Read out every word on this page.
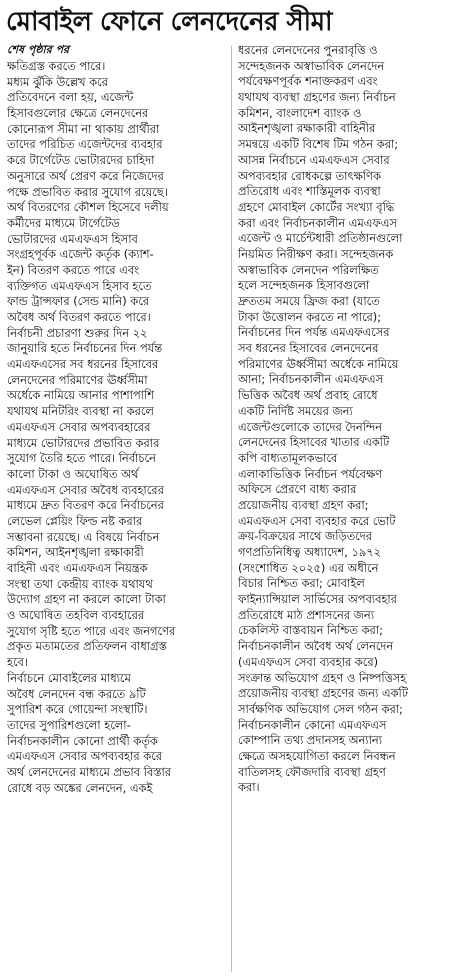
মোবাইল ফোনে লেনদেনের সীমা
শেষ পৃষ্ঠার পর
ক্ষতিগ্রস্ত করতে পারে।
মধ্যম ঝুঁকি উল্লেখ করে
প্রতিবেদনে বলা হয়, এজেন্ট
হিসাবগুলোর ক্ষেত্রে লেনদেনের
কোনোরূপ সীমা না থাকায় প্রার্থীরা
তাদের পরিচিত এজেন্টদের ব্যবহার
করে টার্গেটেড ভোটারদের চাহিদা
অনুসারে অর্থ প্রেরণ করে নিজেদের
পক্ষে প্রভাবিত করার সুযোগ রয়েছে।
অর্থ বিতরণের কৌশল হিসেবে দলীয়
কর্মীদের মাধ্যমে টার্গেটেড
ভোটারদের এমএফএস হিসাব
সংগ্রহপূর্বক এজেন্ট কর্তৃক (ক্যাশ-
ইন) বিতরণ করতে পারে এবং
ব্যক্তিগত এমএফএস হিসাব হতে
ফান্ড ট্রান্সফার (সেন্ড মানি) করে
অবৈধ অর্থ বিতরণ করতে পারে।
নির্বাচনী প্রচারণা শুরুর দিন ২২
জানুয়ারি হতে নির্বাচনের দিন পর্যন্ত
এমএফএসের সব ধরনের হিসাবের
লেনদেনের পরিমাণের ঊর্ধ্বসীমা
অর্ধেকে নামিয়ে আনার পাশাপাশি
যথাযথ মনিটরিং ব্যবস্থা না করলে
এমএফএস সেবার অপব্যবহারের
মাধ্যমে ভোটারদের প্রভাবিত করার
সুযোগ তৈরি হতে পারে। নির্বাচনে
কালো টাকা ও অঘোষিত অর্থ
এমএফএস সেবার অবৈধ ব্যবহারের
মাধ্যমে দ্রুত বিতরণ করে নির্বাচনের
লেভেল প্লেয়িং ফিল্ড নষ্ট করার
সম্ভাবনা রয়েছে। এ বিষয়ে নির্বাচন
কমিশন, আইনশৃঙ্খলা রক্ষাকারী
বাহিনী এবং এমএফএস নিয়ন্ত্রক
সংস্থা তথা কেন্দ্রীয় ব্যাংক যথাযথ
উদ্যোগ গ্রহণ না করলে কালো টাকা
ও অঘোষিত তহবিল ব্যবহারের
সুযোগ সৃষ্টি হতে পারে এবং জনগণের
প্রকৃত মতামতের প্রতিফলন বাধাগ্রস্ত
হবে।
নির্বাচনে মোবাইলের মাধ্যমে
অবৈধ লেনদেন বন্ধ করতে ৯টি
সুপারিশ করে গোয়েন্দা সংস্থাটি।
তাদের সুপারিশগুলো হলো-
নির্বাচনকালীন কোনো প্রার্থী কর্তৃক
এমএফএস সেবার অপব্যবহার করে
অর্থ লেনদেনের মাধ্যমে প্রভাব বিস্তার
রোধে বড় অঙ্কের লেনদেন, একই
ধরনের লেনদেনের পুনরাবৃত্তি ও
সন্দেহজনক অস্বাভাবিক লেনদেন
পর্যবেক্ষণপূর্বক শনাক্তকরণ এবং
যথাযথ ব্যবস্থা গ্রহণের জন্য নির্বাচন
কমিশন, বাংলাদেশ ব্যাংক ও
আইনশৃঙ্খলা রক্ষাকারী বাহিনীর
সমন্বয়ে একটি বিশেষ টিম গঠন করা;
আসন্ন নির্বাচনে এমএফএস সেবার
অপব্যবহার রোধকল্পে তাৎক্ষণিক
প্রতিরোধ এবং শাস্তিমূলক ব্যবস্থা
গ্রহণে মোবাইল কোর্টের সংখ্যা বৃদ্ধি
করা এবং নির্বাচনকালীন এমএফএস
এজেন্ট ও মার্চেন্টধারী প্রতিষ্ঠানগুলো
নিয়মিত নিরীক্ষণ করা। সন্দেহজনক
অস্বাভাবিক লেনদেন পরিলক্ষিত
হলে সন্দেহজনক হিসাবগুলো
দ্রুততম সময়ে ফ্রিজ করা (যাতে
টাকা উত্তোলন করতে না পারে);
নির্বাচনের দিন পর্যন্ত এমএফএসের
সব ধরনের হিসাবের লেনদেনের
পরিমাণের ঊর্ধ্বসীমা অর্ধেকে নামিয়ে
আনা; নির্বাচনকালীন এমএফএস
ভিত্তিক অবৈধ অর্থ প্রবাহ রোধে
একটি নির্দিষ্ট সময়ের জন্য
এজেন্টগুলোকে তাদের দৈনন্দিন
লেনদেনের হিসাবের খাতার একটি
কপি বাধ্যতামূলকভাবে
এলাকাভিত্তিক নির্বাচন পর্যবেক্ষণ
অফিসে প্রেরণে বাধ্য করার
প্রয়োজনীয় ব্যবস্থা গ্রহণ করা;
এমএফএস সেবা ব্যবহার করে ভোট
ক্রয়-বিক্রয়ের সাথে জড়িতদের
গণপ্রতিনিধিত্ব অধ্যাদেশ, ১৯৭২
(সংশোধিত ২০২৫) এর অধীনে
বিচার নিশ্চিত করা; মোবাইল
ফাইন্যান্সিয়াল সার্ভিসের অপব্যবহার
প্রতিরোধে মাঠ প্রশাসনের জন্য
চেকলিস্ট বাস্তবায়ন নিশ্চিত করা;
নির্বাচনকালীন অবৈধ অর্থ লেনদেন
(এমএফএস সেবা ব্যবহার করে)
সংক্রান্ত অভিযোগ গ্রহণ ও নিষ্পত্তিসহ
প্রয়োজনীয় ব্যবস্থা গ্রহণের জন্য একটি
সার্বক্ষণিক অভিযোগ সেল গঠন করা;
নির্বাচনকালীন কোনো এমএফএস
কোম্পানি তথ্য প্রদানসহ অন্যান্য
ক্ষেত্রে অসহযোগিতা করলে নিবন্ধন
বাতিলসহ ফৌজদারি ব্যবস্থা গ্রহণ
করা।
